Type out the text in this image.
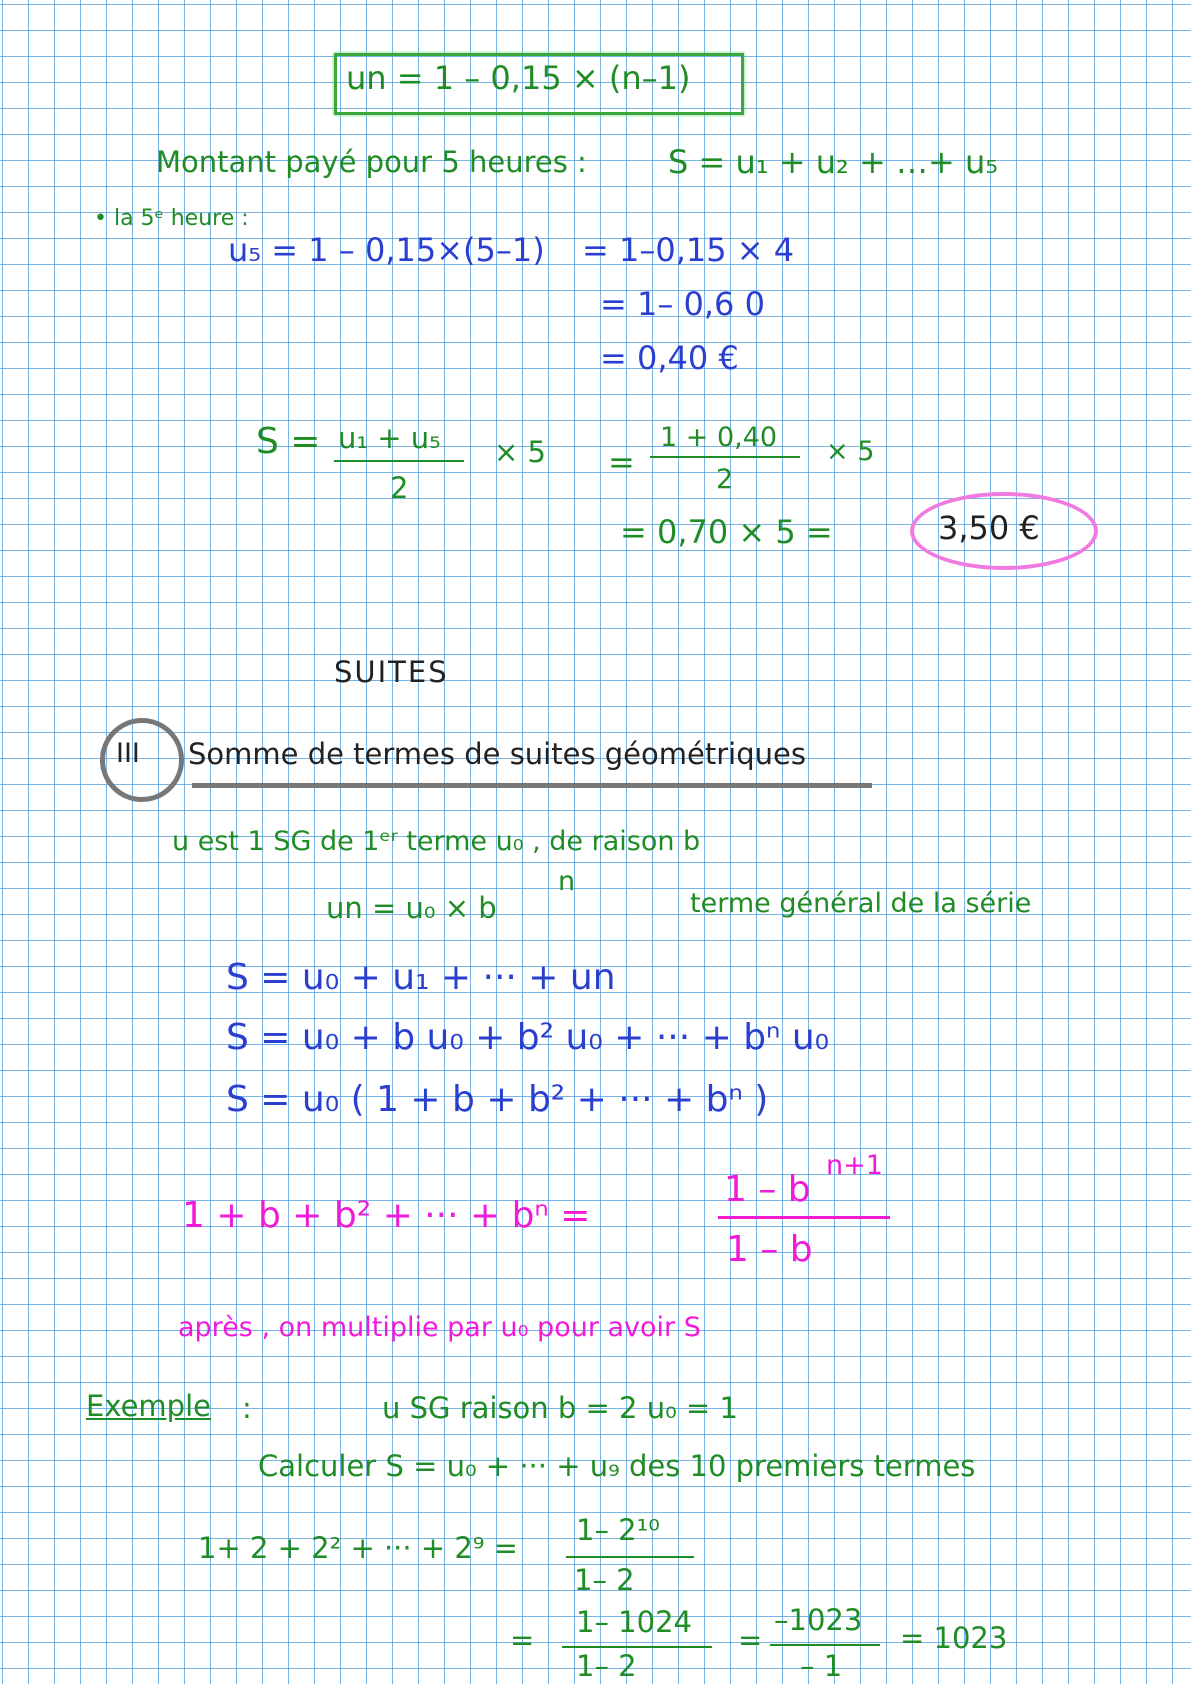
un = 1 – 0,15 × (n–1)
Montant payé pour 5 heures :	S = u₁ + u₂ + …+ u₅
• la 5ᵉ heure :
u₅ = 1 – 0,15×(5–1) = 1–0,15 × 4
= 1– 0,6 0
= 0,40 €
S = u₁ + u₅
2
× 5 =
1 + 0,40
2
× 5
= 0,70 × 5 =	3,50 €
SUITES
III Somme de termes de suites géométriques
u est 1 SG de 1ᵉʳ terme u₀ , de raison b
un = u₀ × b
n
terme général de la série
S = u₀ + u₁ + ··· + un
S = u₀ + b u₀ + b² u₀ + ··· + bⁿ u₀
S = u₀ ( 1 + b + b² + ··· + bⁿ )
1 + b + b² + ··· + bⁿ =
1 – b
n+1
1 – b
après , on multiplie par u₀ pour avoir S
Exemple :	u SG raison b = 2 u₀ = 1
Calculer S = u₀ + ··· + u₉ des 10 premiers termes
1+ 2 + 2² + ··· + 2⁹ =
1– 2¹⁰
1– 2
=
1– 1024
1– 2
=
–1023
– 1
= 1023
